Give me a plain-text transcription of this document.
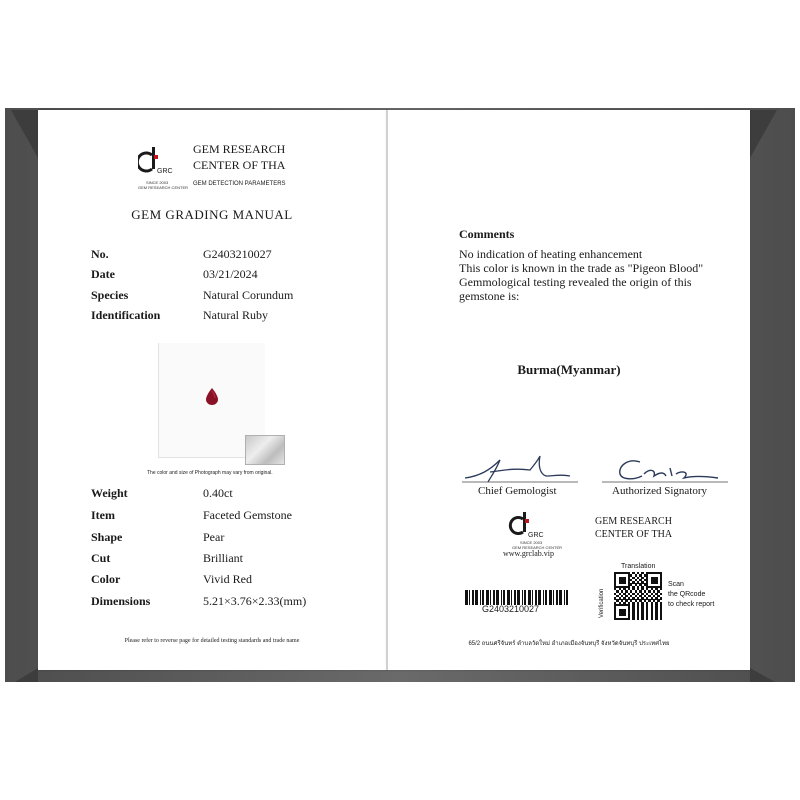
GRC
SINCE 2003
GEM RESEARCH CENTER
GEM RESEARCH
CENTER OF THA
GEM DETECTION PARAMETERS
GEM GRADING MANUAL
No.	G2403210027
Date	03/21/2024
Species	Natural Corundum
Identification	Natural Ruby
The color and size of Photograph may vary from original.
Weight	0.40ct
Item	Faceted Gemstone
Shape	Pear
Cut	Brilliant
Color	Vivid Red
Dimensions	5.21×3.76×2.33(mm)
Please refer to reverse page for detailed testing standards and trade name
Comments
No indication of heating enhancement
This color is known in the trade as "Pigeon Blood"
Gemmological testing revealed the origin of this
gemstone is:
Burma(Myanmar)
Chief Gemologist	Authorized Signatory
GRC
SINCE 2003
GEM RESEARCH CENTER
www.grclab.vip
GEM RESEARCH
CENTER OF THA
G2403210027	Verification
Translation
Scan
the QRcode
to check report
65/2 ถนนศรีจันทร์ ตำบลวัดใหม่ อำเภอเมืองจันทบุรี จังหวัดจันทบุรี ประเทศไทย
